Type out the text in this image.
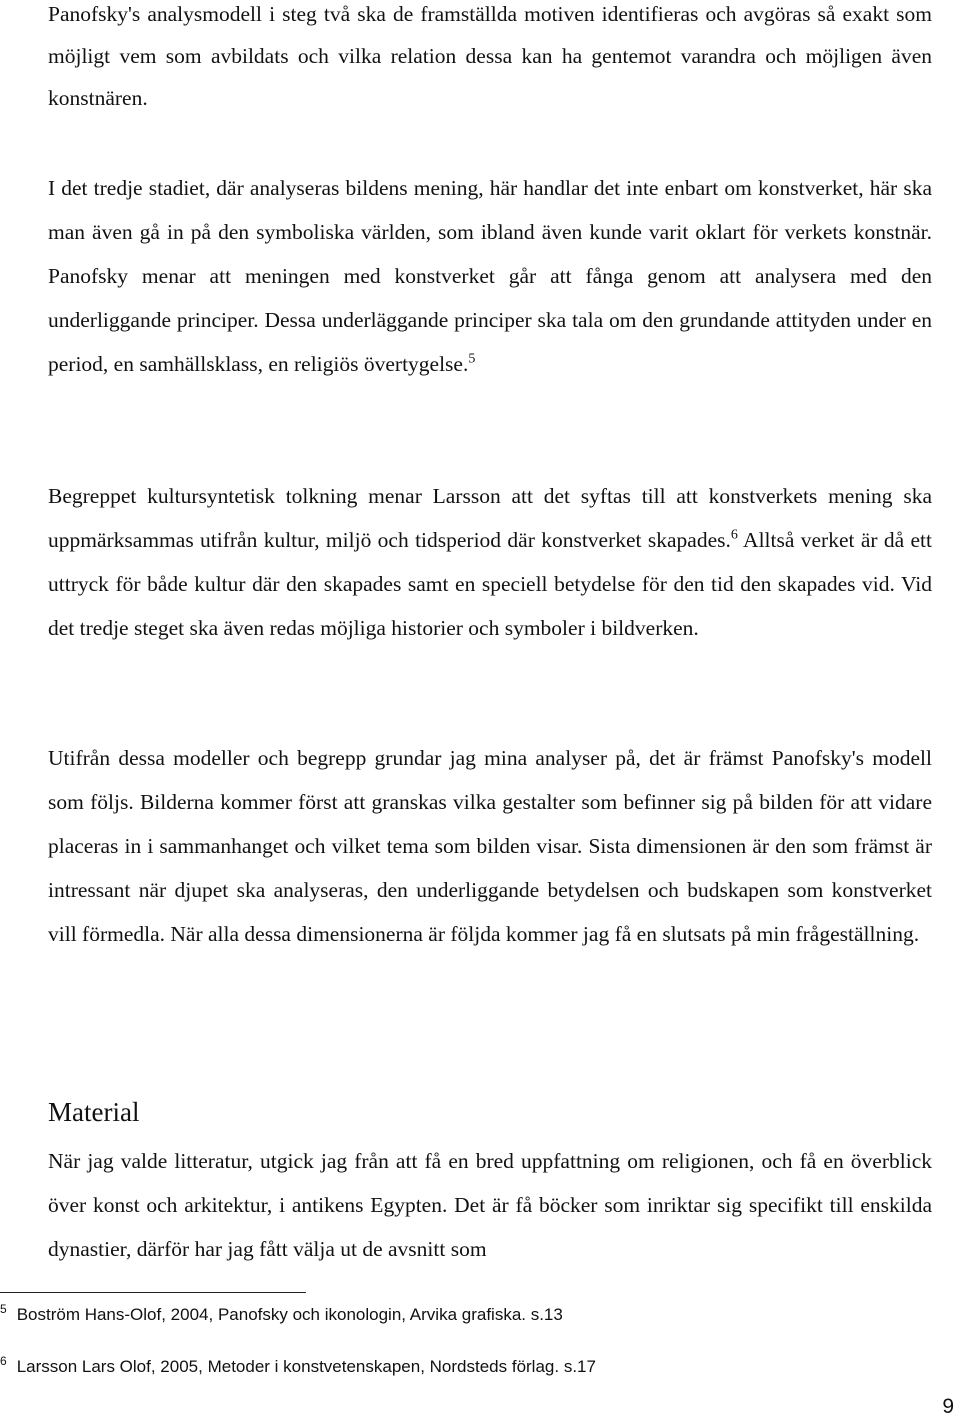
Panofsky's analysmodell i steg två ska de framställda motiven identifieras och avgöras så exakt som möjligt vem som avbildats och vilka relation dessa kan ha gentemot varandra och möjligen även konstnären.

I det tredje stadiet, där analyseras bildens mening, här handlar det inte enbart om konstverket, här ska man även gå in på den symboliska världen, som ibland även kunde varit oklart för verkets konstnär. Panofsky menar att meningen med konstverket går att fånga genom att analysera med den underliggande principer. Dessa underläggande principer ska tala om den grundande attityden under en period, en samhällsklass, en religiös övertygelse.$^5$

Begreppet kultursyntetisk tolkning menar Larsson att det syftas till att konstverkets mening ska uppmärksammas utifrån kultur, miljö och tidsperiod där konstverket skapades.$^6$ Alltså verket är då ett uttryck för både kultur där den skapades samt en speciell betydelse för den tid den skapades vid. Vid det tredje steget ska även redas möjliga historier och symboler i bildverken.

Utifrån dessa modeller och begrepp grundar jag mina analyser på, det är främst Panofsky's modell som följs. Bilderna kommer först att granskas vilka gestalter som befinner sig på bilden för att vidare placeras in i sammanhanget och vilket tema som bilden visar. Sista dimensionen är den som främst är intressant när djupet ska analyseras, den underliggande betydelsen och budskapen som konstverket vill förmedla. När alla dessa dimensionerna är följda kommer jag få en slutsats på min frågeställning.

Material

När jag valde litteratur, utgick jag från att få en bred uppfattning om religionen, och få en överblick över konst och arkitektur, i antikens Egypten. Det är få böcker som inriktar sig specifikt till enskilda dynastier, därför har jag fått välja ut de avsnitt som

$^5$ Boström Hans-Olof, 2004, Panofsky och ikonologin, Arvika grafiska. s.13
$^6$ Larsson Lars Olof, 2005, Metoder i konstvetenskapen, Nordsteds förlag. s.17
9
